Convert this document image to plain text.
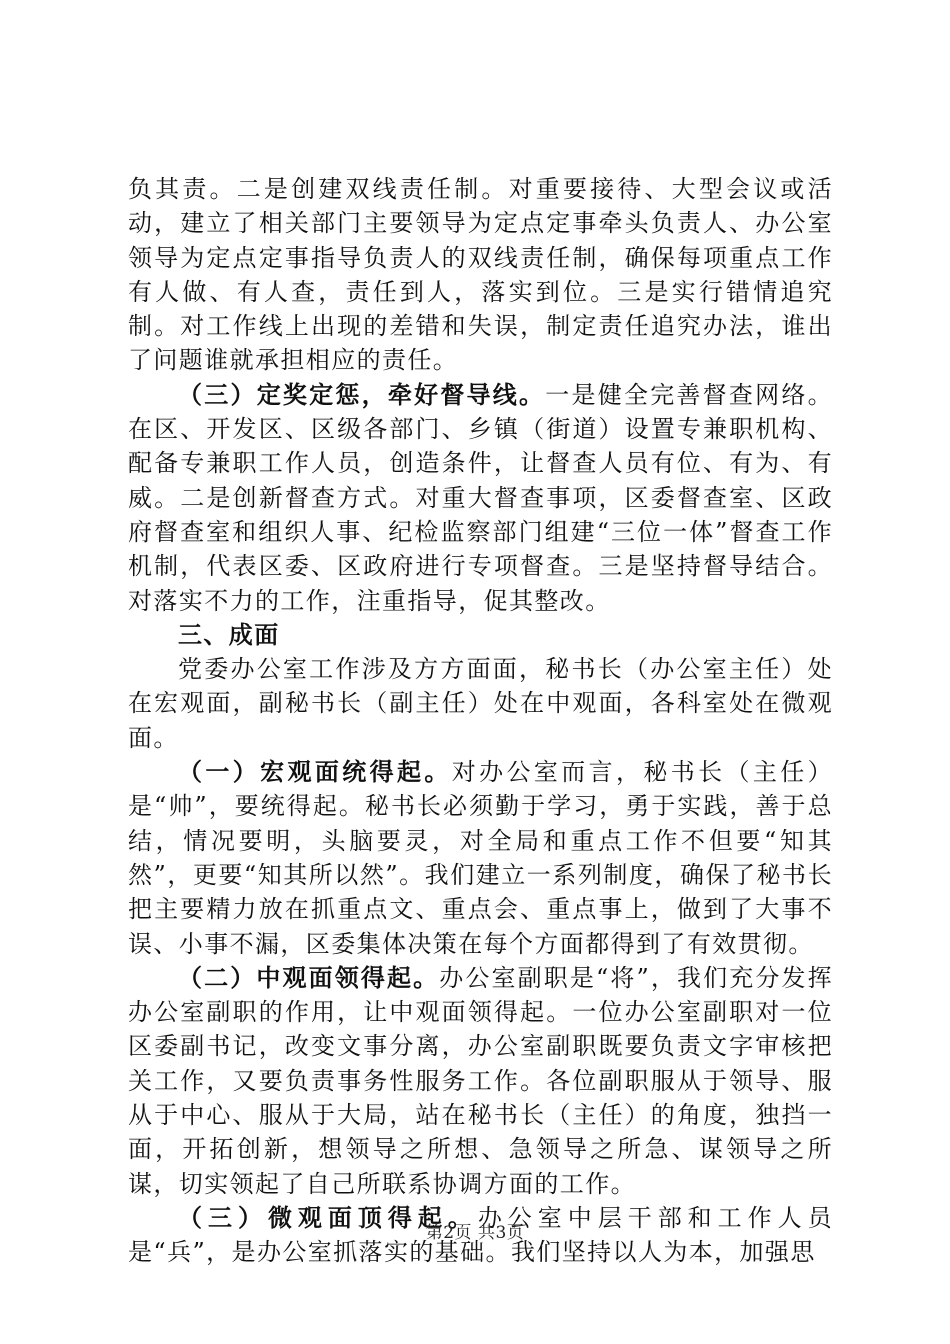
负其责。二是创建双线责任制。对重要接待、大型会议或活动，建立了相关部门主要领导为定点定事牵头负责人、办公室领导为定点定事指导负责人的双线责任制，确保每项重点工作有人做、有人查，责任到人，落实到位。三是实行错情追究制。对工作线上出现的差错和失误，制定责任追究办法，谁出了问题谁就承担相应的责任。

（三）定奖定惩，牵好督导线。一是健全完善督查网络。在区、开发区、区级各部门、乡镇（街道）设置专兼职机构、配备专兼职工作人员，创造条件，让督查人员有位、有为、有威。二是创新督查方式。对重大督查事项，区委督查室、区政府督查室和组织人事、纪检监察部门组建“三位一体”督查工作机制，代表区委、区政府进行专项督查。三是坚持督导结合。对落实不力的工作，注重指导，促其整改。

三、成面

党委办公室工作涉及方方面面，秘书长（办公室主任）处在宏观面，副秘书长（副主任）处在中观面，各科室处在微观面。

（一）宏观面统得起。对办公室而言，秘书长（主任）是“帅”，要统得起。秘书长必须勤于学习，勇于实践，善于总结，情况要明，头脑要灵，对全局和重点工作不但要“知其然”，更要“知其所以然”。我们建立一系列制度，确保了秘书长把主要精力放在抓重点文、重点会、重点事上，做到了大事不误、小事不漏，区委集体决策在每个方面都得到了有效贯彻。

（二）中观面领得起。办公室副职是“将”，我们充分发挥办公室副职的作用，让中观面领得起。一位办公室副职对一位区委副书记，改变文事分离，办公室副职既要负责文字审核把关工作，又要负责事务性服务工作。各位副职服从于领导、服从于中心、服从于大局，站在秘书长（主任）的角度，独挡一面，开拓创新，想领导之所想、急领导之所急、谋领导之所谋，切实领起了自己所联系协调方面的工作。

（三）微观面顶得起。办公室中层干部和工作人员是“兵”，是办公室抓落实的基础。我们坚持以人为本，加强思

第2页 共3页
